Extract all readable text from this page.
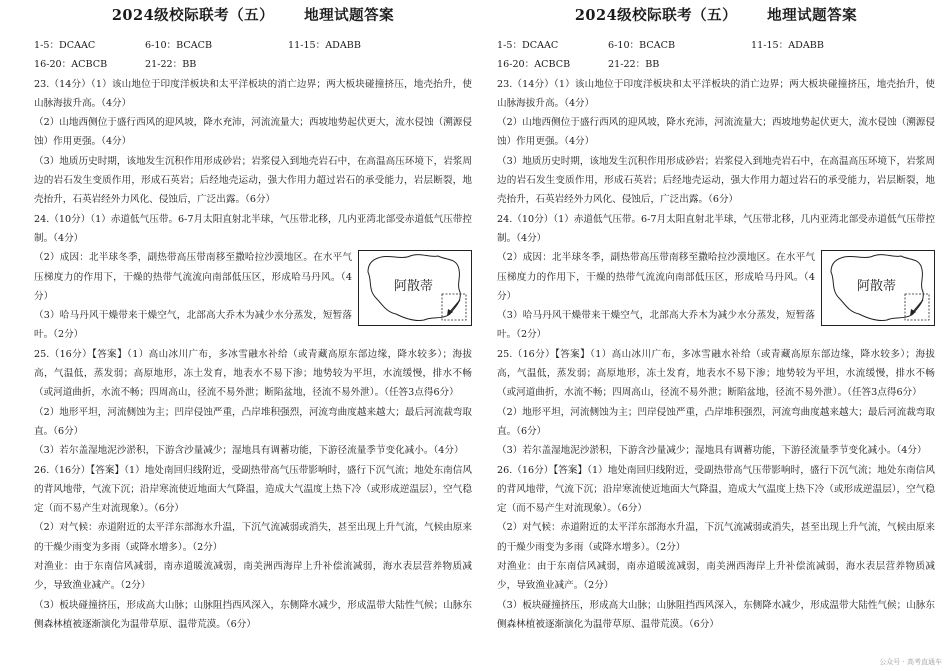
2024级校际联考（五） 地理试题答案
1-5：DCAAC	6-10：BCACB	11-15：ADABB
16-20：ACBCB	21-22：BB

23.（14分）（1）该山地位于印度洋板块和太平洋板块的消亡边界；两大板块碰撞挤压，地壳抬升，使山脉海拔升高。（4分）

（2）山地西侧位于盛行西风的迎风坡，降水充沛，河流流量大；西坡地势起伏更大，流水侵蚀（溯源侵蚀）作用更强。（4分）

（3）地质历史时期，该地发生沉积作用形成砂岩；岩浆侵入到地壳岩石中，在高温高压环境下，岩浆周边的岩石发生变质作用，形成石英岩；后经地壳运动，强大作用力超过岩石的承受能力，岩层断裂，地壳抬升，石英岩经外力风化、侵蚀后，广泛出露。（6分）

24.（10分）（1）赤道低气压带。6-7月太阳直射北半球，气压带北移，几内亚湾北部受赤道低气压带控制。（4分）

阿散蒂

（2）成因：北半球冬季，副热带高压带南移至撒哈拉沙漠地区。在水平气压梯度力的作用下，干燥的热带气流流向南部低压区，形成哈马丹风。（4分）

（3）哈马丹风干燥带来干燥空气，北部高大乔木为减少水分蒸发，短暂落叶。（2分）

25.（16分）【答案】（1）高山冰川广布，多冰雪融水补给（或青藏高原东部边缘，降水较多）；海拔高，气温低，蒸发弱；高原地形，冻土发育，地表水不易下渗；地势较为平坦，水流缓慢，排水不畅（或河道曲折，水流不畅；四周高山，径流不易外泄；断陷盆地，径流不易外泄）。（任答3点得6分）

（2）地形平坦，河流侧蚀为主；凹岸侵蚀严重，凸岸堆积强烈，河流弯曲度越来越大；最后河流裁弯取直。（6分）

（3）若尔盖湿地泥沙淤积，下游含沙量减少；湿地具有调蓄功能，下游径流量季节变化减小。（4分）

26.（16分）【答案】（1）地处南回归线附近，受副热带高气压带影响时，盛行下沉气流；地处东南信风的背风地带，气流下沉；沿岸寒流使近地面大气降温，造成大气温度上热下冷（或形成逆温层），空气稳定（而不易产生对流现象）。（6分）

（2）对气候：赤道附近的太平洋东部海水升温，下沉气流减弱或消失，甚至出现上升气流，气候由原来的干燥少雨变为多雨（或降水增多）。（2分）

对渔业：由于东南信风减弱，南赤道暖流减弱，南美洲西海岸上升补偿流减弱，海水表层营养物质减少，导致渔业减产。（2分）

（3）板块碰撞挤压，形成高大山脉；山脉阻挡西风深入，东侧降水减少，形成温带大陆性气候；山脉东侧森林植被逐渐演化为温带草原、温带荒漠。（6分）

2024级校际联考（五） 地理试题答案
1-5：DCAAC	6-10：BCACB	11-15：ADABB
16-20：ACBCB	21-22：BB

23.（14分）（1）该山地位于印度洋板块和太平洋板块的消亡边界；两大板块碰撞挤压，地壳抬升，使山脉海拔升高。（4分）

（2）山地西侧位于盛行西风的迎风坡，降水充沛，河流流量大；西坡地势起伏更大，流水侵蚀（溯源侵蚀）作用更强。（4分）

（3）地质历史时期，该地发生沉积作用形成砂岩；岩浆侵入到地壳岩石中，在高温高压环境下，岩浆周边的岩石发生变质作用，形成石英岩；后经地壳运动，强大作用力超过岩石的承受能力，岩层断裂，地壳抬升，石英岩经外力风化、侵蚀后，广泛出露。（6分）

24.（10分）（1）赤道低气压带。6-7月太阳直射北半球，气压带北移，几内亚湾北部受赤道低气压带控制。（4分）

阿散蒂

（2）成因：北半球冬季，副热带高压带南移至撒哈拉沙漠地区。在水平气压梯度力的作用下，干燥的热带气流流向南部低压区，形成哈马丹风。（4分）

（3）哈马丹风干燥带来干燥空气，北部高大乔木为减少水分蒸发，短暂落叶。（2分）

25.（16分）【答案】（1）高山冰川广布，多冰雪融水补给（或青藏高原东部边缘，降水较多）；海拔高，气温低，蒸发弱；高原地形，冻土发育，地表水不易下渗；地势较为平坦，水流缓慢，排水不畅（或河道曲折，水流不畅；四周高山，径流不易外泄；断陷盆地，径流不易外泄）。（任答3点得6分）

（2）地形平坦，河流侧蚀为主；凹岸侵蚀严重，凸岸堆积强烈，河流弯曲度越来越大；最后河流裁弯取直。（6分）

（3）若尔盖湿地泥沙淤积，下游含沙量减少；湿地具有调蓄功能，下游径流量季节变化减小。（4分）

26.（16分）【答案】（1）地处南回归线附近，受副热带高气压带影响时，盛行下沉气流；地处东南信风的背风地带，气流下沉；沿岸寒流使近地面大气降温，造成大气温度上热下冷（或形成逆温层），空气稳定（而不易产生对流现象）。（6分）

（2）对气候：赤道附近的太平洋东部海水升温，下沉气流减弱或消失，甚至出现上升气流，气候由原来的干燥少雨变为多雨（或降水增多）。（2分）

对渔业：由于东南信风减弱，南赤道暖流减弱，南美洲西海岸上升补偿流减弱，海水表层营养物质减少，导致渔业减产。（2分）

（3）板块碰撞挤压，形成高大山脉；山脉阻挡西风深入，东侧降水减少，形成温带大陆性气候；山脉东侧森林植被逐渐演化为温带草原、温带荒漠。（6分）

公众号 · 高考直通车
